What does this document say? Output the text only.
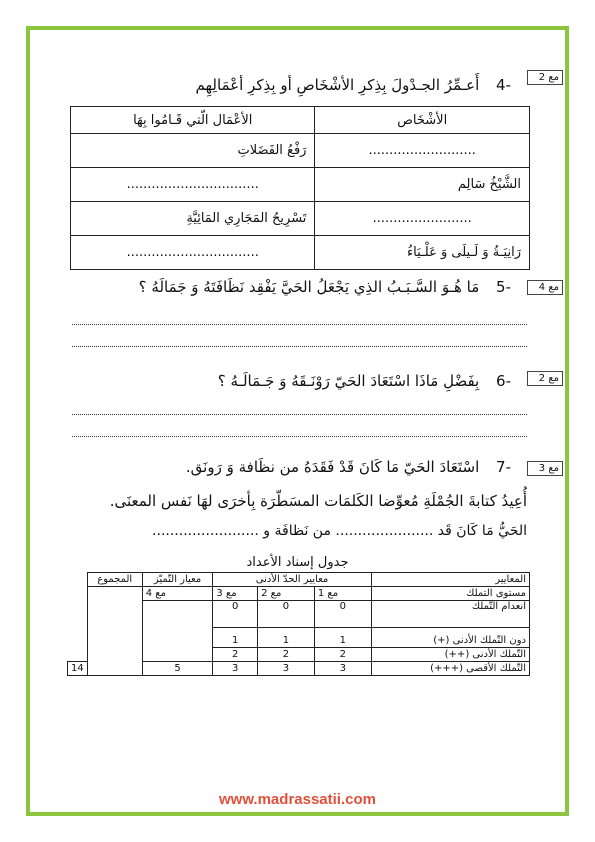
مع 2
-4 أَعـمِّرُ الجـدْولَ بِذِكرِ الأشْخَاصِ أو بِذِكرِ أعْمَالِهِم
الأشْخَاص	الأعْمَال الّتي قَـامُوا بِهَا
..........................	رَفْعُ الفَضَلاتِ
الشَّيْخُ سَالِم	................................
........................	تَسْرِيحُ المَجَارِي المَائِيَّةِ
رَانِيَـةُ وَ لَـيلَى وَ عَلْـيَاءُ	................................
مع 4
-5 مَا هُـوَ السَّـبَـبُ الذِي يَجْعَلُ الحَيَّ يَفْقِد نَظَافَتَهُ وَ جَمَالَهُ ؟
مع 2
-6 بِفَضْلِ مَاذَا اسْتَعَادَ الحَيّ رَوْنَـقَهُ وَ جَـمَالَـهُ ؟
مع 3
-7 اسْتَعَادَ الحَيّ مَا كَانَ قَدْ فَقَدَهُ من نظَافة وَ رَونَق.
أُعِيدُ كتابةَ الجُمْلَةِ مُعوِّضا الكَلمَات المسَطّرَة بِأخرَى لهَا نَفس المعنَى.
الحَيُّ مَا كَانَ قَد ...................... من نَظافَة و ........................
جدول إسناد الأعداد
المعايير	معايير الحدّ الأدنى			معيار التّميّز	المجموع	
مستوى التملك	مع 1	مع 2	مع 3	مع 4		
انعدام التّملك	0	0	0			
دون التّملك الأدنى (+)	1	1	1			
التّملك الأدنى (++)	2	2	2			
التّملك الأقصى (+++)	3	3	3	5		14
www.madrassatii.com
